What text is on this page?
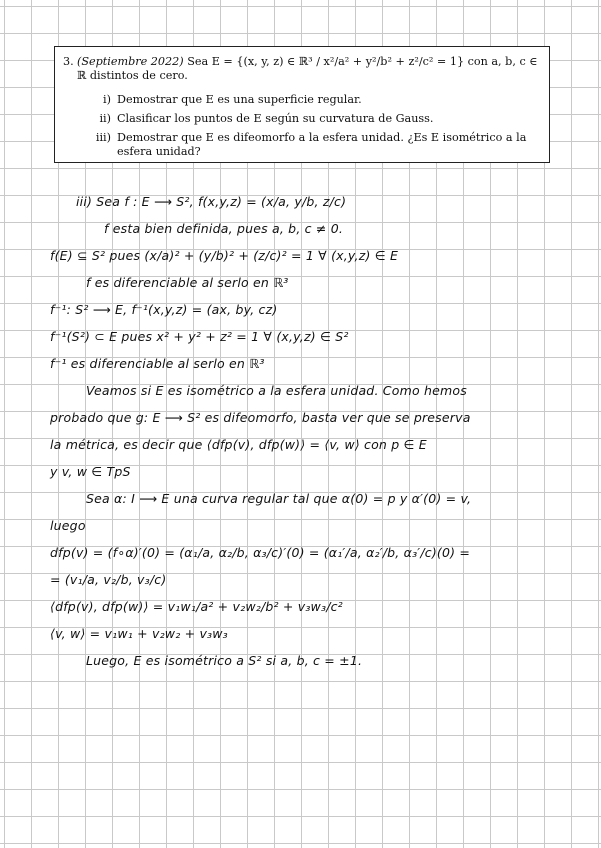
3. (Septiembre 2022) Sea E = {(x, y, z) ∈ ℝ³ / x²/a² + y²/b² + z²/c² = 1} con a, b, c ∈ ℝ distintos de cero.
i) Demostrar que E es una superficie regular.
ii) Clasificar los puntos de E según su curvatura de Gauss.
iii) Demostrar que E es difeomorfo a la esfera unidad. ¿Es E isométrico a la esfera unidad?
iii) Sea f : E ⟶ S², f(x,y,z) = (x/a, y/b, z/c)
f esta bien definida, pues a, b, c ≠ 0.
f(E) ⊆ S² pues (x/a)² + (y/b)² + (z/c)² = 1 ∀ (x,y,z) ∈ E
f es diferenciable al serlo en ℝ³
f⁻¹: S² ⟶ E, f⁻¹(x,y,z) = (ax, by, cz)
f⁻¹(S²) ⊂ E pues x² + y² + z² = 1 ∀ (x,y,z) ∈ S²
f⁻¹ es diferenciable al serlo en ℝ³
Veamos si E es isométrico a la esfera unidad. Como hemos
probado que g: E ⟶ S² es difeomorfo, basta ver que se preserva
la métrica, es decir que ⟨dfp(v), dfp(w)⟩ = ⟨v, w⟩ con p ∈ E
y v, w ∈ TpS
Sea α: I ⟶ E una curva regular tal que α(0) = p y α′(0) = v,
luego
dfp(v) = (f∘α)′(0) = (α₁/a, α₂/b, α₃/c)′(0) = (α₁′/a, α₂′/b, α₃′/c)(0) =
= (v₁/a, v₂/b, v₃/c)
⟨dfp(v), dfp(w)⟩ = v₁w₁/a² + v₂w₂/b² + v₃w₃/c²
⟨v, w⟩ = v₁w₁ + v₂w₂ + v₃w₃
Luego, E es isométrico a S² si a, b, c = ±1.
